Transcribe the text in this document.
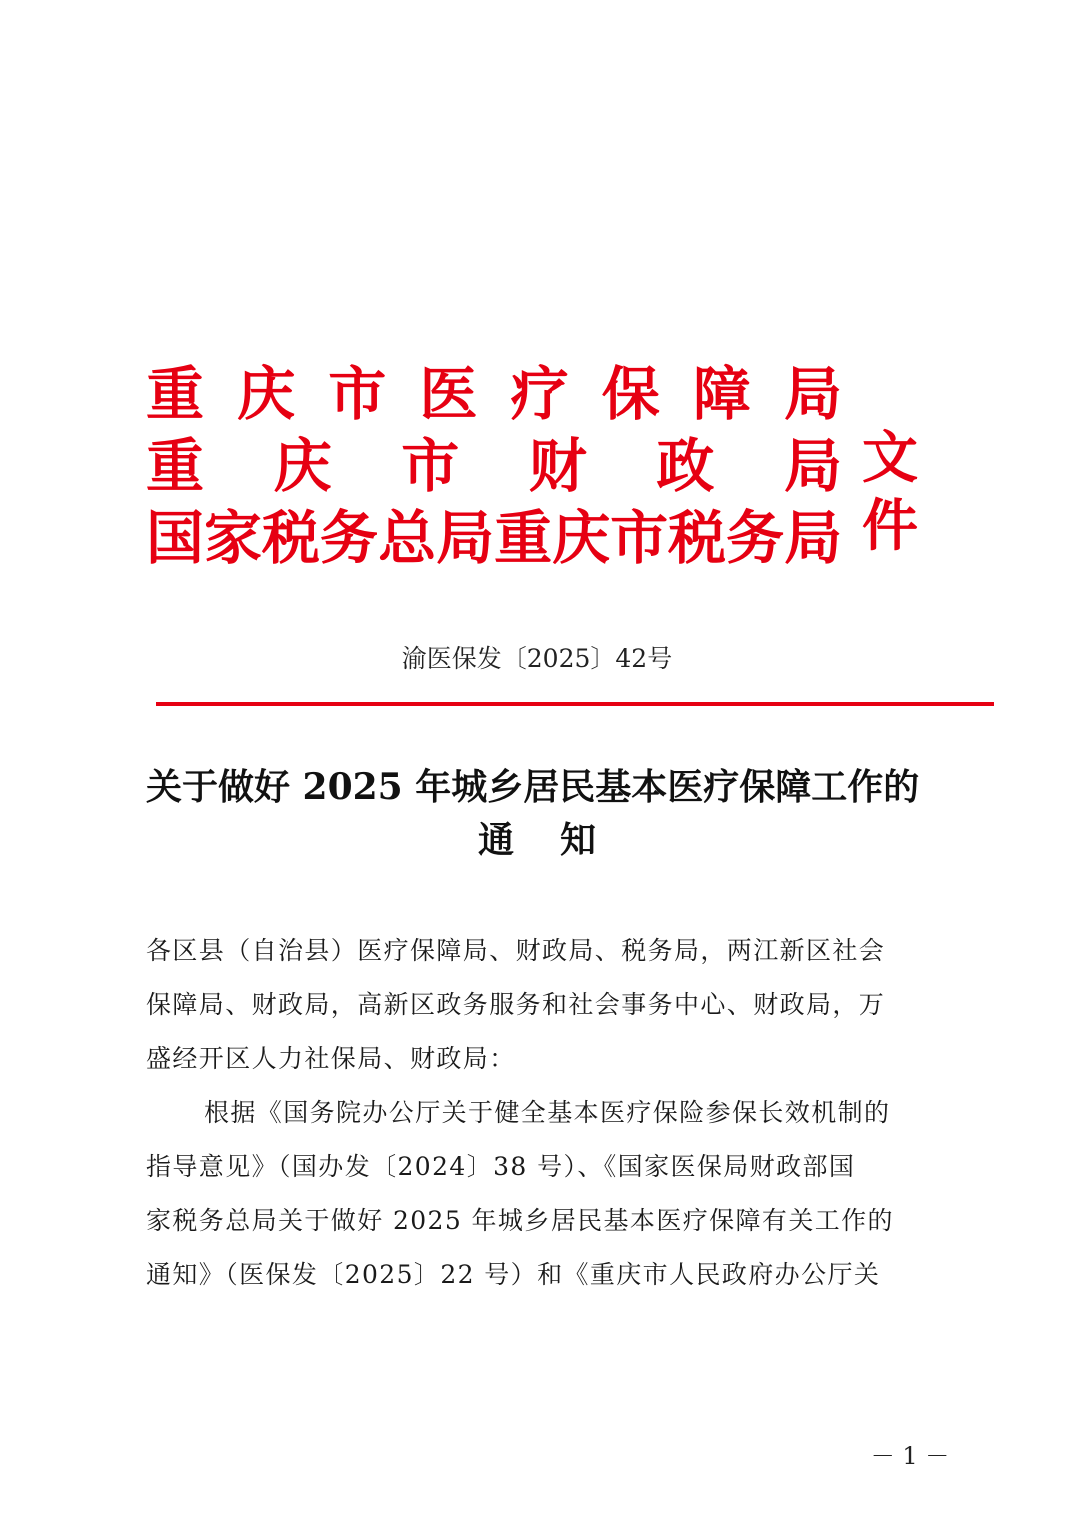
重 庆 市 医 疗 保 障 局
重 庆 市 财 政 局
国 家 税 务 总 局 重 庆 市 税 务 局
文件
渝医保发〔2025〕42号
关于做好 2025 年城乡居民基本医疗保障工作的
通 知
各区县（自治县）医疗保障局、财政局、税务局，两江新区社会
保障局、财政局，高新区政务服务和社会事务中心、财政局，万
盛经开区人力社保局、财政局：
根据《国务院办公厅关于健全基本医疗保险参保长效机制的
指导意见》（国办发〔2024〕38 号）、《国家医保局财政部国
家税务总局关于做好 2025 年城乡居民基本医疗保障有关工作的
通知》（医保发〔2025〕22 号）和《重庆市人民政府办公厅关
－ 1 －
